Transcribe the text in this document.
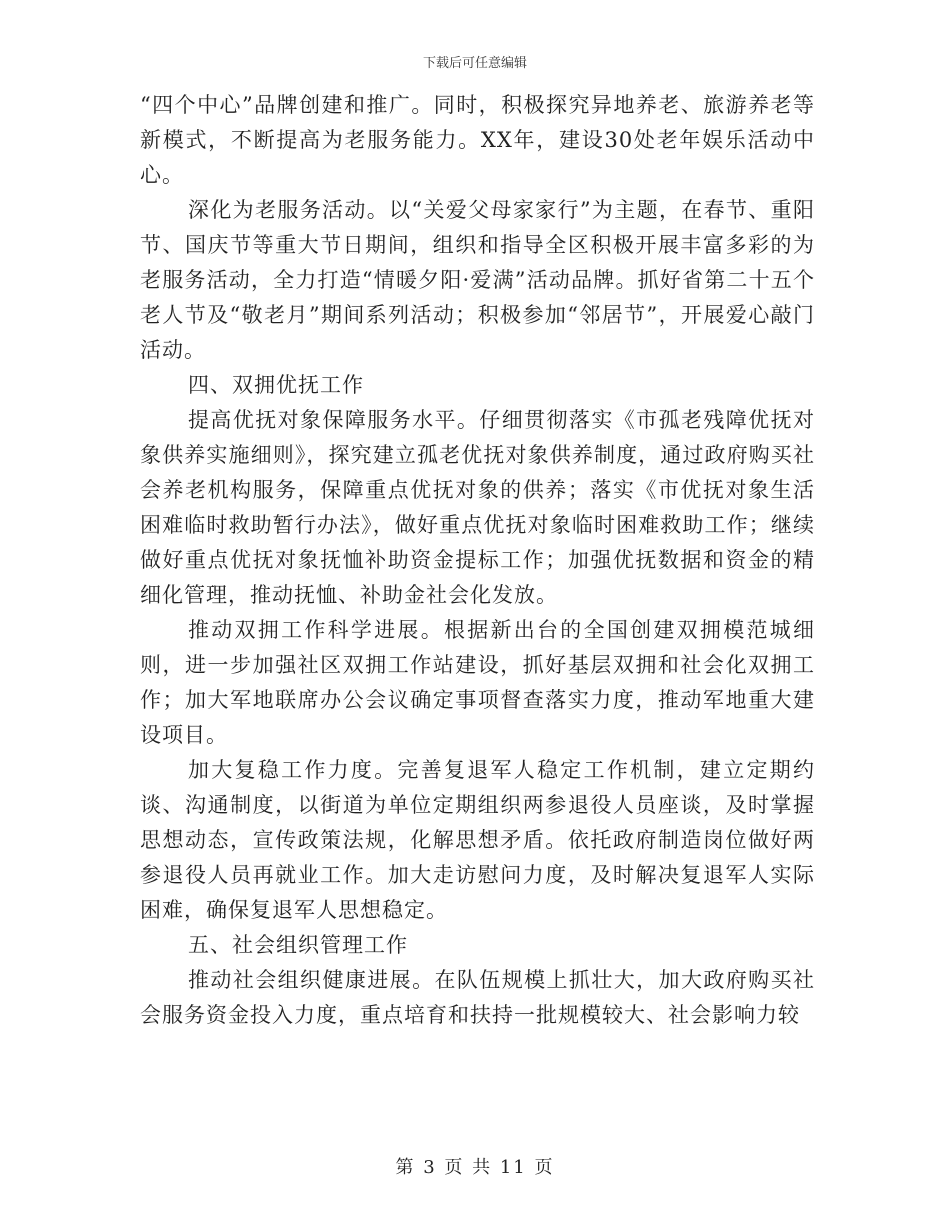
下载后可任意编辑

“四个中心”品牌创建和推广。同时，积极探究异地养老、旅游养老等新模式，不断提高为老服务能力。XX年，建设30处老年娱乐活动中心。

深化为老服务活动。以“关爱父母家家行”为主题，在春节、重阳节、国庆节等重大节日期间，组织和指导全区积极开展丰富多彩的为老服务活动，全力打造“情暖夕阳·爱满”活动品牌。抓好省第二十五个老人节及“敬老月”期间系列活动；积极参加“邻居节”，开展爱心敲门活动。

四、双拥优抚工作

提高优抚对象保障服务水平。仔细贯彻落实《市孤老残障优抚对象供养实施细则》，探究建立孤老优抚对象供养制度，通过政府购买社会养老机构服务，保障重点优抚对象的供养；落实《市优抚对象生活困难临时救助暂行办法》，做好重点优抚对象临时困难救助工作；继续做好重点优抚对象抚恤补助资金提标工作；加强优抚数据和资金的精细化管理，推动抚恤、补助金社会化发放。

推动双拥工作科学进展。根据新出台的全国创建双拥模范城细则，进一步加强社区双拥工作站建设，抓好基层双拥和社会化双拥工作；加大军地联席办公会议确定事项督查落实力度，推动军地重大建设项目。

加大复稳工作力度。完善复退军人稳定工作机制，建立定期约谈、沟通制度，以街道为单位定期组织两参退役人员座谈，及时掌握思想动态，宣传政策法规，化解思想矛盾。依托政府制造岗位做好两参退役人员再就业工作。加大走访慰问力度，及时解决复退军人实际困难，确保复退军人思想稳定。

五、社会组织管理工作

推动社会组织健康进展。在队伍规模上抓壮大，加大政府购买社会服务资金投入力度，重点培育和扶持一批规模较大、社会影响力较

第 3 页 共 11 页
